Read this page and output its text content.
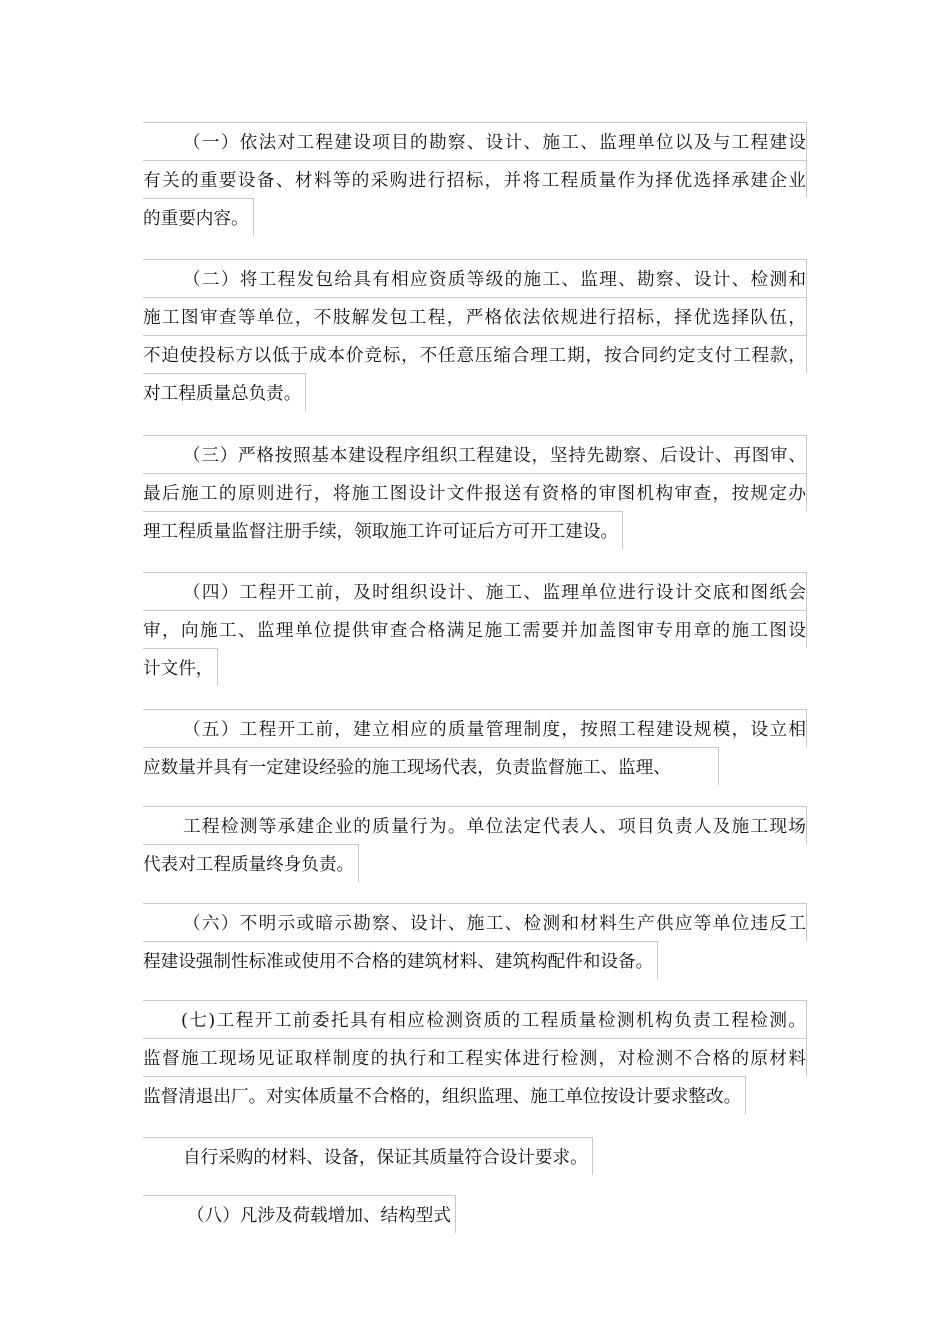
（一）依法对工程建设项目的勘察、设计、施工、监理单位以及与工程建设
有关的重要设备、材料等的采购进行招标，并将工程质量作为择优选择承建企业
的重要内容。
（二）将工程发包给具有相应资质等级的施工、监理、勘察、设计、检测和
施工图审查等单位，不肢解发包工程，严格依法依规进行招标，择优选择队伍，
不迫使投标方以低于成本价竞标，不任意压缩合理工期，按合同约定支付工程款，
对工程质量总负责。
（三）严格按照基本建设程序组织工程建设，坚持先勘察、后设计、再图审、
最后施工的原则进行，将施工图设计文件报送有资格的审图机构审查，按规定办
理工程质量监督注册手续，领取施工许可证后方可开工建设。
（四）工程开工前，及时组织设计、施工、监理单位进行设计交底和图纸会
审，向施工、监理单位提供审查合格满足施工需要并加盖图审专用章的施工图设
计文件，
（五）工程开工前，建立相应的质量管理制度，按照工程建设规模，设立相
应数量并具有一定建设经验的施工现场代表，负责监督施工、监理、
工程检测等承建企业的质量行为。单位法定代表人、项目负责人及施工现场
代表对工程质量终身负责。
（六）不明示或暗示勘察、设计、施工、检测和材料生产供应等单位违反工
程建设强制性标准或使用不合格的建筑材料、建筑构配件和设备。
(七)工程开工前委托具有相应检测资质的工程质量检测机构负责工程检测。
监督施工现场见证取样制度的执行和工程实体进行检测，对检测不合格的原材料
监督清退出厂。对实体质量不合格的，组织监理、施工单位按设计要求整改。
自行采购的材料、设备，保证其质量符合设计要求。
（八）凡涉及荷载增加、结构型式
